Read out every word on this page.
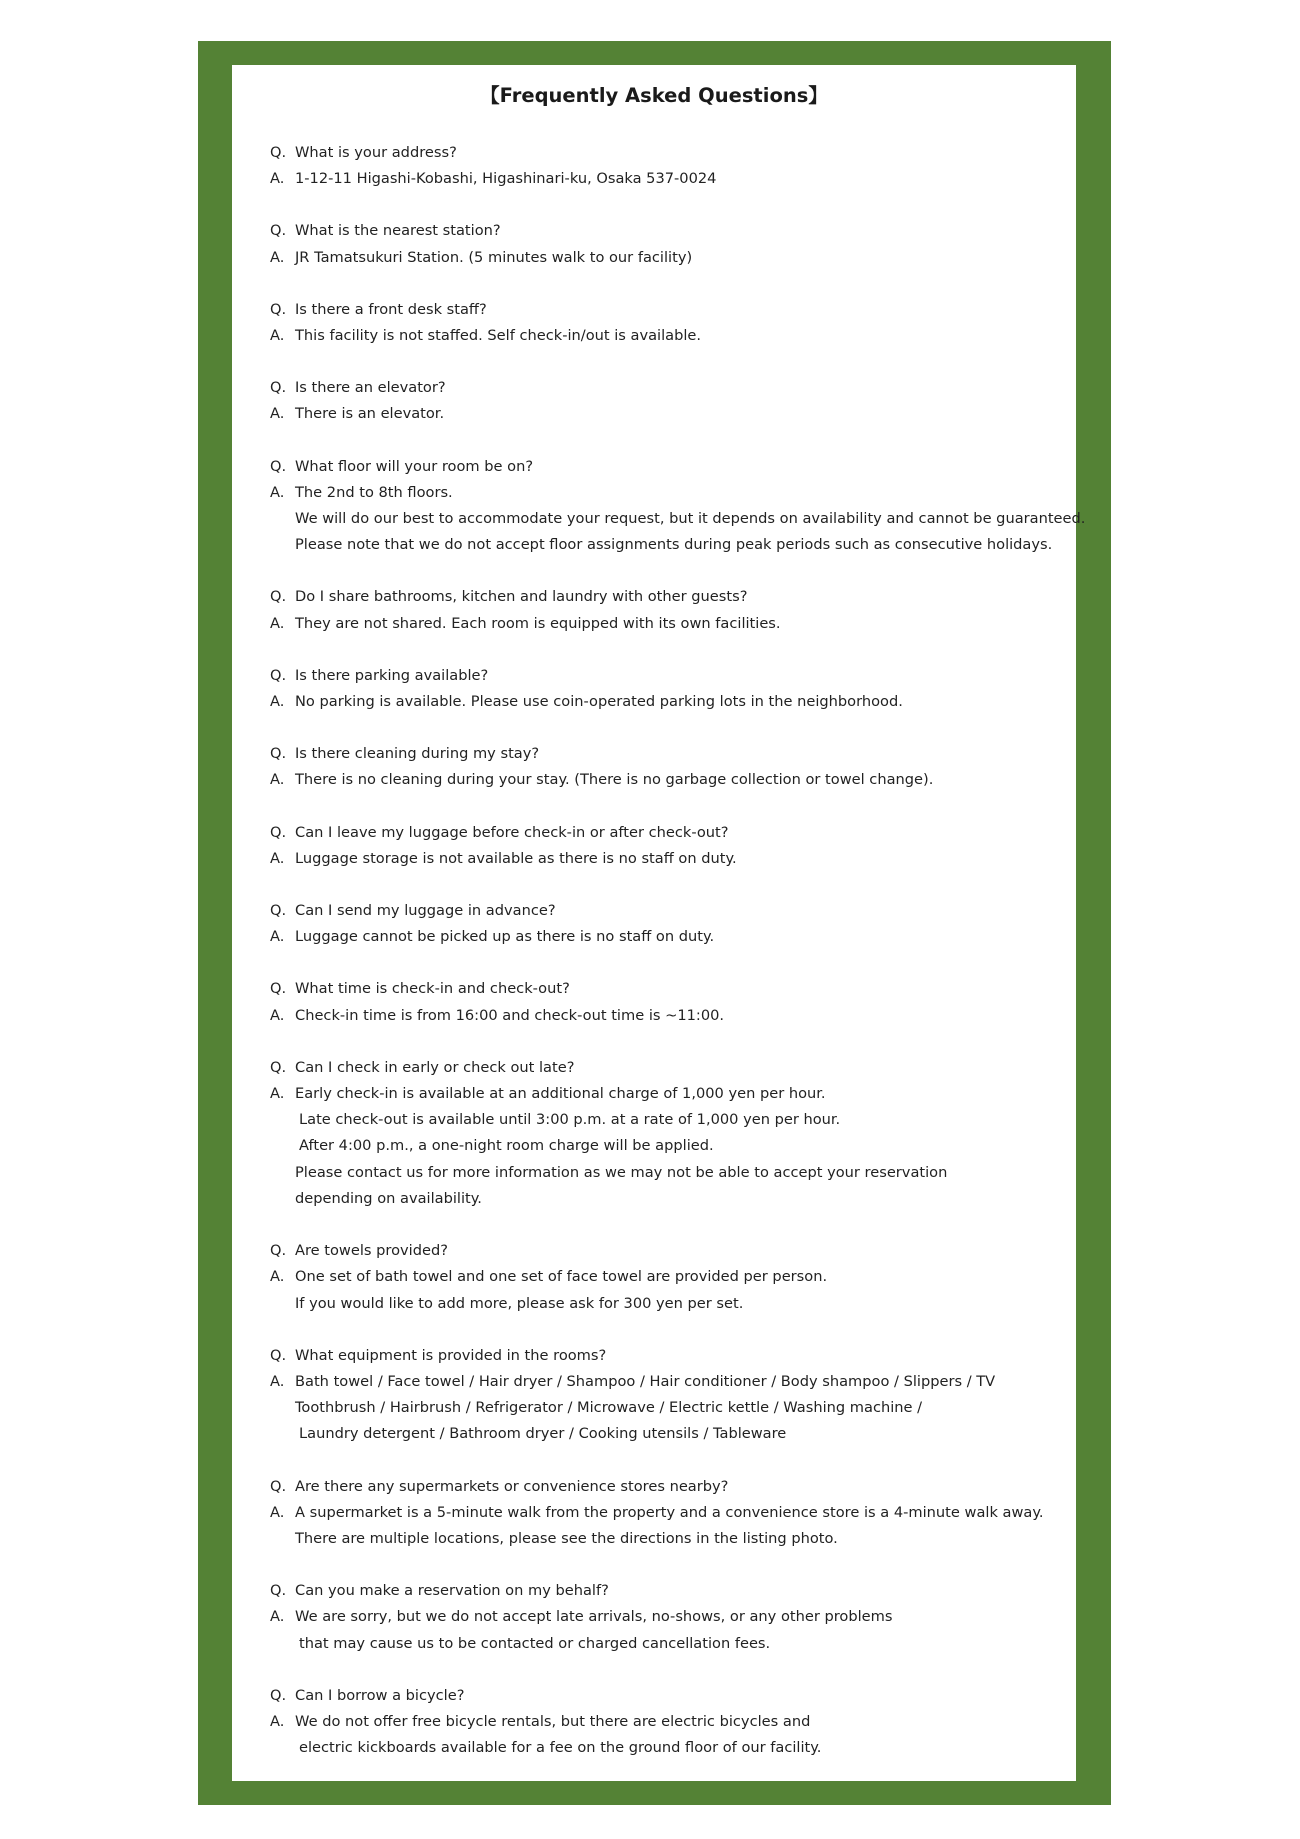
【Frequently Asked Questions】
Q. What is your address?
A. 1-12-11 Higashi-Kobashi, Higashinari-ku, Osaka 537-0024
Q. What is the nearest station?
A. JR Tamatsukuri Station. (5 minutes walk to our facility)
Q. Is there a front desk staff?
A. This facility is not staffed. Self check-in/out is available.
Q. Is there an elevator?
A. There is an elevator.
Q. What floor will your room be on?
A. The 2nd to 8th floors.
We will do our best to accommodate your request, but it depends on availability and cannot be guaranteed.
Please note that we do not accept floor assignments during peak periods such as consecutive holidays.
Q. Do I share bathrooms, kitchen and laundry with other guests?
A. They are not shared. Each room is equipped with its own facilities.
Q. Is there parking available?
A. No parking is available. Please use coin-operated parking lots in the neighborhood.
Q. Is there cleaning during my stay?
A. There is no cleaning during your stay. (There is no garbage collection or towel change).
Q. Can I leave my luggage before check-in or after check-out?
A. Luggage storage is not available as there is no staff on duty.
Q. Can I send my luggage in advance?
A. Luggage cannot be picked up as there is no staff on duty.
Q. What time is check-in and check-out?
A. Check-in time is from 16:00 and check-out time is ~11:00.
Q. Can I check in early or check out late?
A. Early check-in is available at an additional charge of 1,000 yen per hour.
Late check-out is available until 3:00 p.m. at a rate of 1,000 yen per hour.
After 4:00 p.m., a one-night room charge will be applied.
Please contact us for more information as we may not be able to accept your reservation
depending on availability.
Q. Are towels provided?
A. One set of bath towel and one set of face towel are provided per person.
If you would like to add more, please ask for 300 yen per set.
Q. What equipment is provided in the rooms?
A. Bath towel / Face towel / Hair dryer / Shampoo / Hair conditioner / Body shampoo / Slippers / TV
Toothbrush / Hairbrush / Refrigerator / Microwave / Electric kettle / Washing machine /
Laundry detergent / Bathroom dryer / Cooking utensils / Tableware
Q. Are there any supermarkets or convenience stores nearby?
A. A supermarket is a 5-minute walk from the property and a convenience store is a 4-minute walk away.
There are multiple locations, please see the directions in the listing photo.
Q. Can you make a reservation on my behalf?
A. We are sorry, but we do not accept late arrivals, no-shows, or any other problems
that may cause us to be contacted or charged cancellation fees.
Q. Can I borrow a bicycle?
A. We do not offer free bicycle rentals, but there are electric bicycles and
electric kickboards available for a fee on the ground floor of our facility.
